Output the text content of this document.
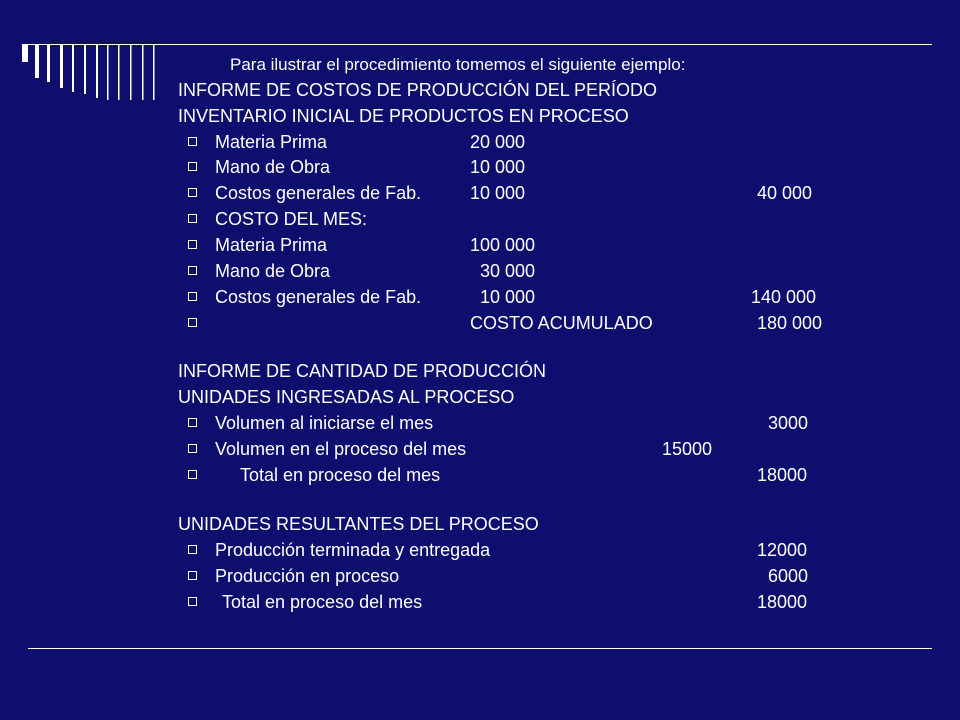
Para ilustrar el procedimiento tomemos el siguiente ejemplo:
INFORME DE COSTOS DE PRODUCCIÓN DEL PERÍODO
INVENTARIO INICIAL DE PRODUCTOS EN PROCESO
Materia Prima	20 000
Mano de Obra	10 000
Costos generales de Fab.	10 000	40 000
COSTO DEL MES:
Materia Prima	100 000
Mano de Obra	30 000
Costos generales de Fab.	10 000	140 000
COSTO ACUMULADO	180 000
INFORME DE CANTIDAD DE PRODUCCIÓN
UNIDADES INGRESADAS AL PROCESO
Volumen al iniciarse el mes	3000
Volumen en el proceso del mes	15000
Total en proceso del mes	18000
UNIDADES RESULTANTES DEL PROCESO
Producción terminada y entregada	12000
Producción en proceso	6000
Total en proceso del mes	18000
